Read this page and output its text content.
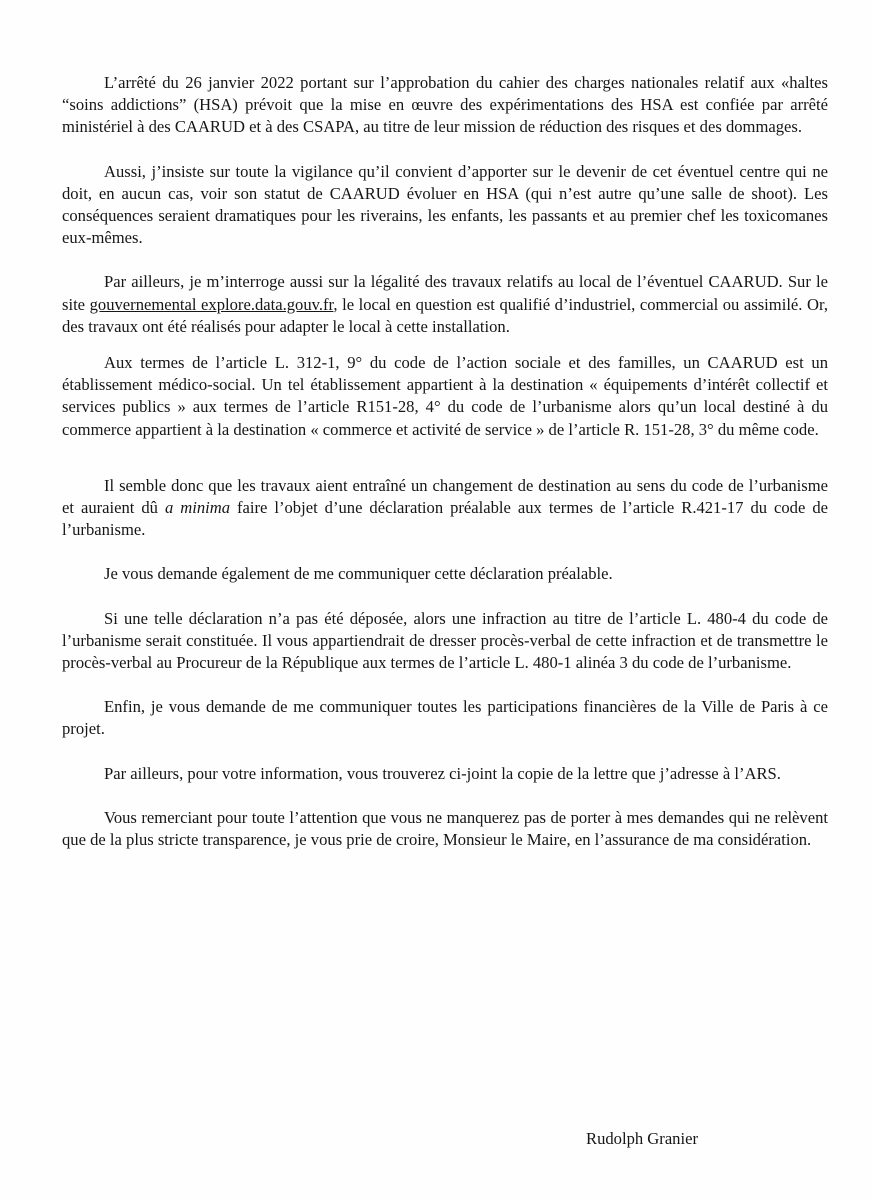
L’arrêté du 26 janvier 2022 portant sur l’approbation du cahier des charges nationales relatif aux «haltes “soins addictions” (HSA) prévoit que la mise en œuvre des expérimentations des HSA est confiée par arrêté ministériel à des CAARUD et à des CSAPA, au titre de leur mission de réduction des risques et des dommages.

Aussi, j’insiste sur toute la vigilance qu’il convient d’apporter sur le devenir de cet éventuel centre qui ne doit, en aucun cas, voir son statut de CAARUD évoluer en HSA (qui n’est autre qu’une salle de shoot). Les conséquences seraient dramatiques pour les riverains, les enfants, les passants et au premier chef les toxicomanes eux-mêmes.

Par ailleurs, je m’interroge aussi sur la légalité des travaux relatifs au local de l’éventuel CAARUD. Sur le site gouvernemental explore.data.gouv.fr, le local en question est qualifié d’industriel, commercial ou assimilé. Or, des travaux ont été réalisés pour adapter le local à cette installation.

Aux termes de l’article L. 312-1, 9° du code de l’action sociale et des familles, un CAARUD est un établissement médico-social. Un tel établissement appartient à la destination « équipements d’intérêt collectif et services publics » aux termes de l’article R151-28, 4° du code de l’urbanisme alors qu’un local destiné à du commerce appartient à la destination « commerce et activité de service » de l’article R. 151-28, 3° du même code.

Il semble donc que les travaux aient entraîné un changement de destination au sens du code de l’urbanisme et auraient dû a minima faire l’objet d’une déclaration préalable aux termes de l’article R.421-17 du code de l’urbanisme.

Je vous demande également de me communiquer cette déclaration préalable.

Si une telle déclaration n’a pas été déposée, alors une infraction au titre de l’article L. 480-4 du code de l’urbanisme serait constituée. Il vous appartiendrait de dresser procès-verbal de cette infraction et de transmettre le procès-verbal au Procureur de la République aux termes de l’article L. 480-1 alinéa 3 du code de l’urbanisme.

Enfin, je vous demande de me communiquer toutes les participations financières de la Ville de Paris à ce projet.

Par ailleurs, pour votre information, vous trouverez ci-joint la copie de la lettre que j’adresse à l’ARS.

Vous remerciant pour toute l’attention que vous ne manquerez pas de porter à mes demandes qui ne relèvent que de la plus stricte transparence, je vous prie de croire, Monsieur le Maire, en l’assurance de ma considération.

Rudolph Granier
